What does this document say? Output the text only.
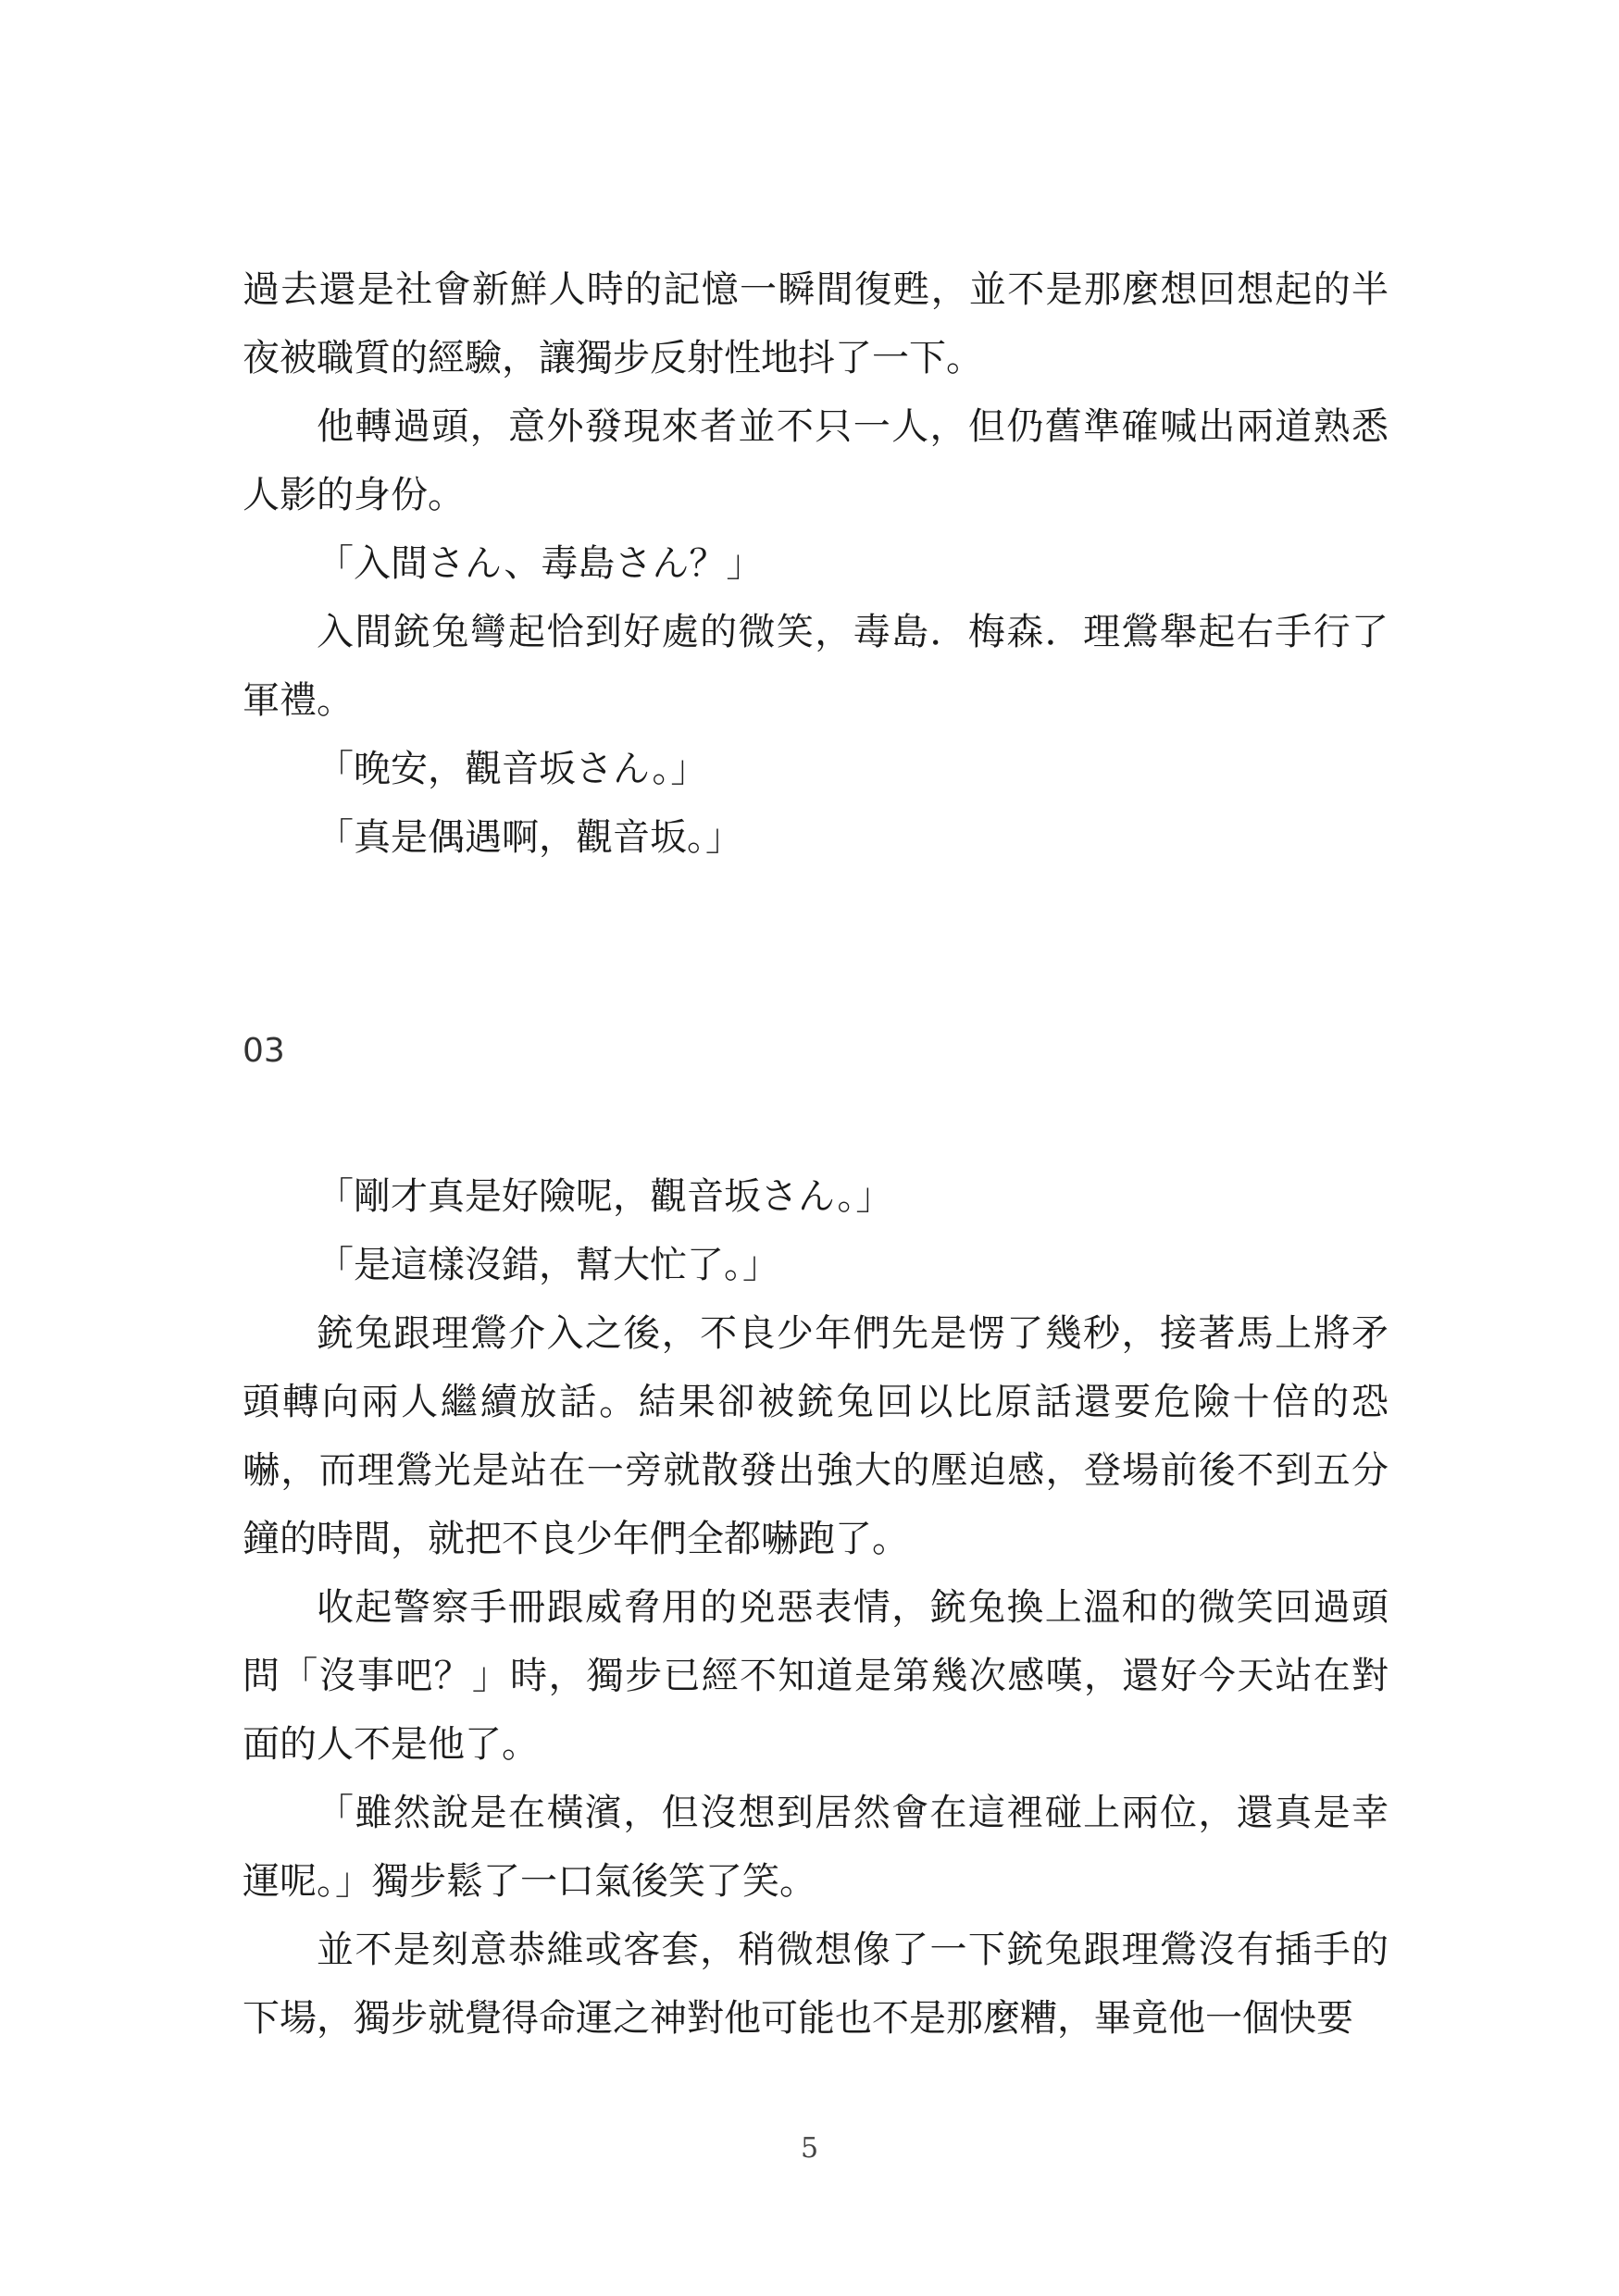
過去還是社會新鮮人時的記憶一瞬間復甦，並不是那麼想回想起的半夜被職質的經驗，讓獨步反射性地抖了一下。

他轉過頭，意外發現來者並不只一人，但仍舊準確喊出兩道熟悉人影的身份。

「入間さん、毒島さん？」

入間銃兔彎起恰到好處的微笑，毒島．梅森．理鶯舉起右手行了軍禮。

「晚安，觀音坂さん。」

「真是偶遇啊，觀音坂。」

03

「剛才真是好險呢，觀音坂さん。」

「是這樣沒錯，幫大忙了。」

銃兔跟理鶯介入之後，不良少年們先是愣了幾秒，接著馬上將矛頭轉向兩人繼續放話。結果卻被銃兔回以比原話還要危險十倍的恐嚇，而理鶯光是站在一旁就散發出強大的壓迫感，登場前後不到五分鐘的時間，就把不良少年們全都嚇跑了。

收起警察手冊跟威脅用的兇惡表情，銃兔換上溫和的微笑回過頭問「沒事吧？」時，獨步已經不知道是第幾次感嘆，還好今天站在對面的人不是他了。

「雖然說是在橫濱，但沒想到居然會在這裡碰上兩位，還真是幸運呢。」獨步鬆了一口氣後笑了笑。

並不是刻意恭維或客套，稍微想像了一下銃兔跟理鶯沒有插手的下場，獨步就覺得命運之神對他可能也不是那麼糟，畢竟他一個快要

5
